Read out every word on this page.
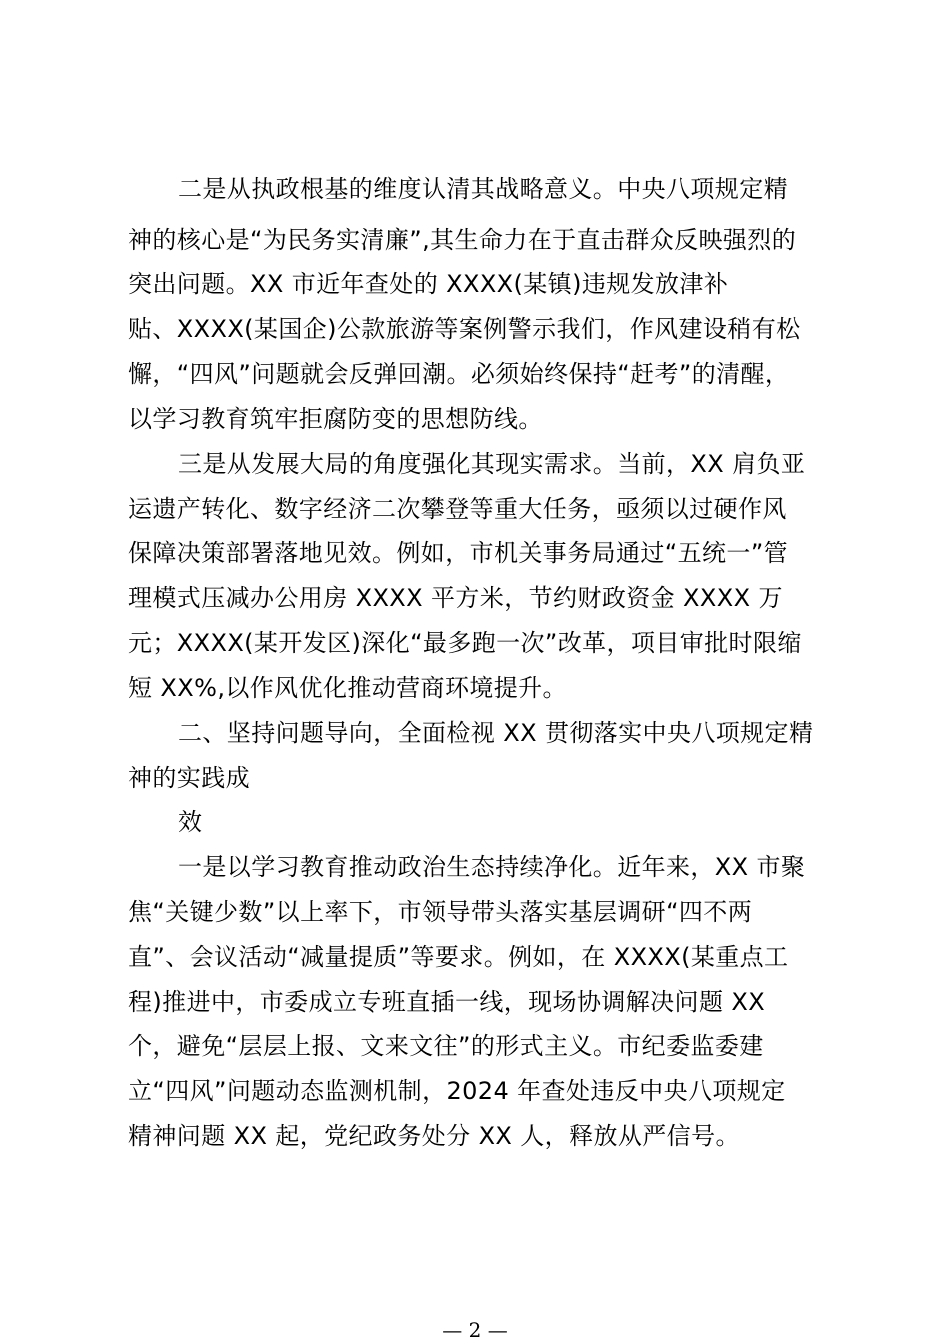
二是从执政根基的维度认清其战略意义。中央八项规定精
神的核心是“为民务实清廉”,其生命力在于直击群众反映强烈的
突出问题。XX 市近年查处的 XXXX(某镇)违规发放津补
贴、XXXX(某国企)公款旅游等案例警示我们，作风建设稍有松
懈，“四风”问题就会反弹回潮。必须始终保持“赶考”的清醒，
以学习教育筑牢拒腐防变的思想防线。
三是从发展大局的角度强化其现实需求。当前，XX 肩负亚
运遗产转化、数字经济二次攀登等重大任务，亟须以过硬作风
保障决策部署落地见效。例如，市机关事务局通过“五统一”管
理模式压减办公用房 XXXX 平方米，节约财政资金 XXXX 万
元；XXXX(某开发区)深化“最多跑一次”改革，项目审批时限缩
短 XX%,以作风优化推动营商环境提升。
二、坚持问题导向，全面检视 XX 贯彻落实中央八项规定精
神的实践成
效
一是以学习教育推动政治生态持续净化。近年来，XX 市聚
焦“关键少数”以上率下，市领导带头落实基层调研“四不两
直”、会议活动“减量提质”等要求。例如，在 XXXX(某重点工
程)推进中，市委成立专班直插一线，现场协调解决问题 XX
个，避免“层层上报、文来文往”的形式主义。市纪委监委建
立“四风”问题动态监测机制，2024 年查处违反中央八项规定
精神问题 XX 起，党纪政务处分 XX 人，释放从严信号。
— 2 —
